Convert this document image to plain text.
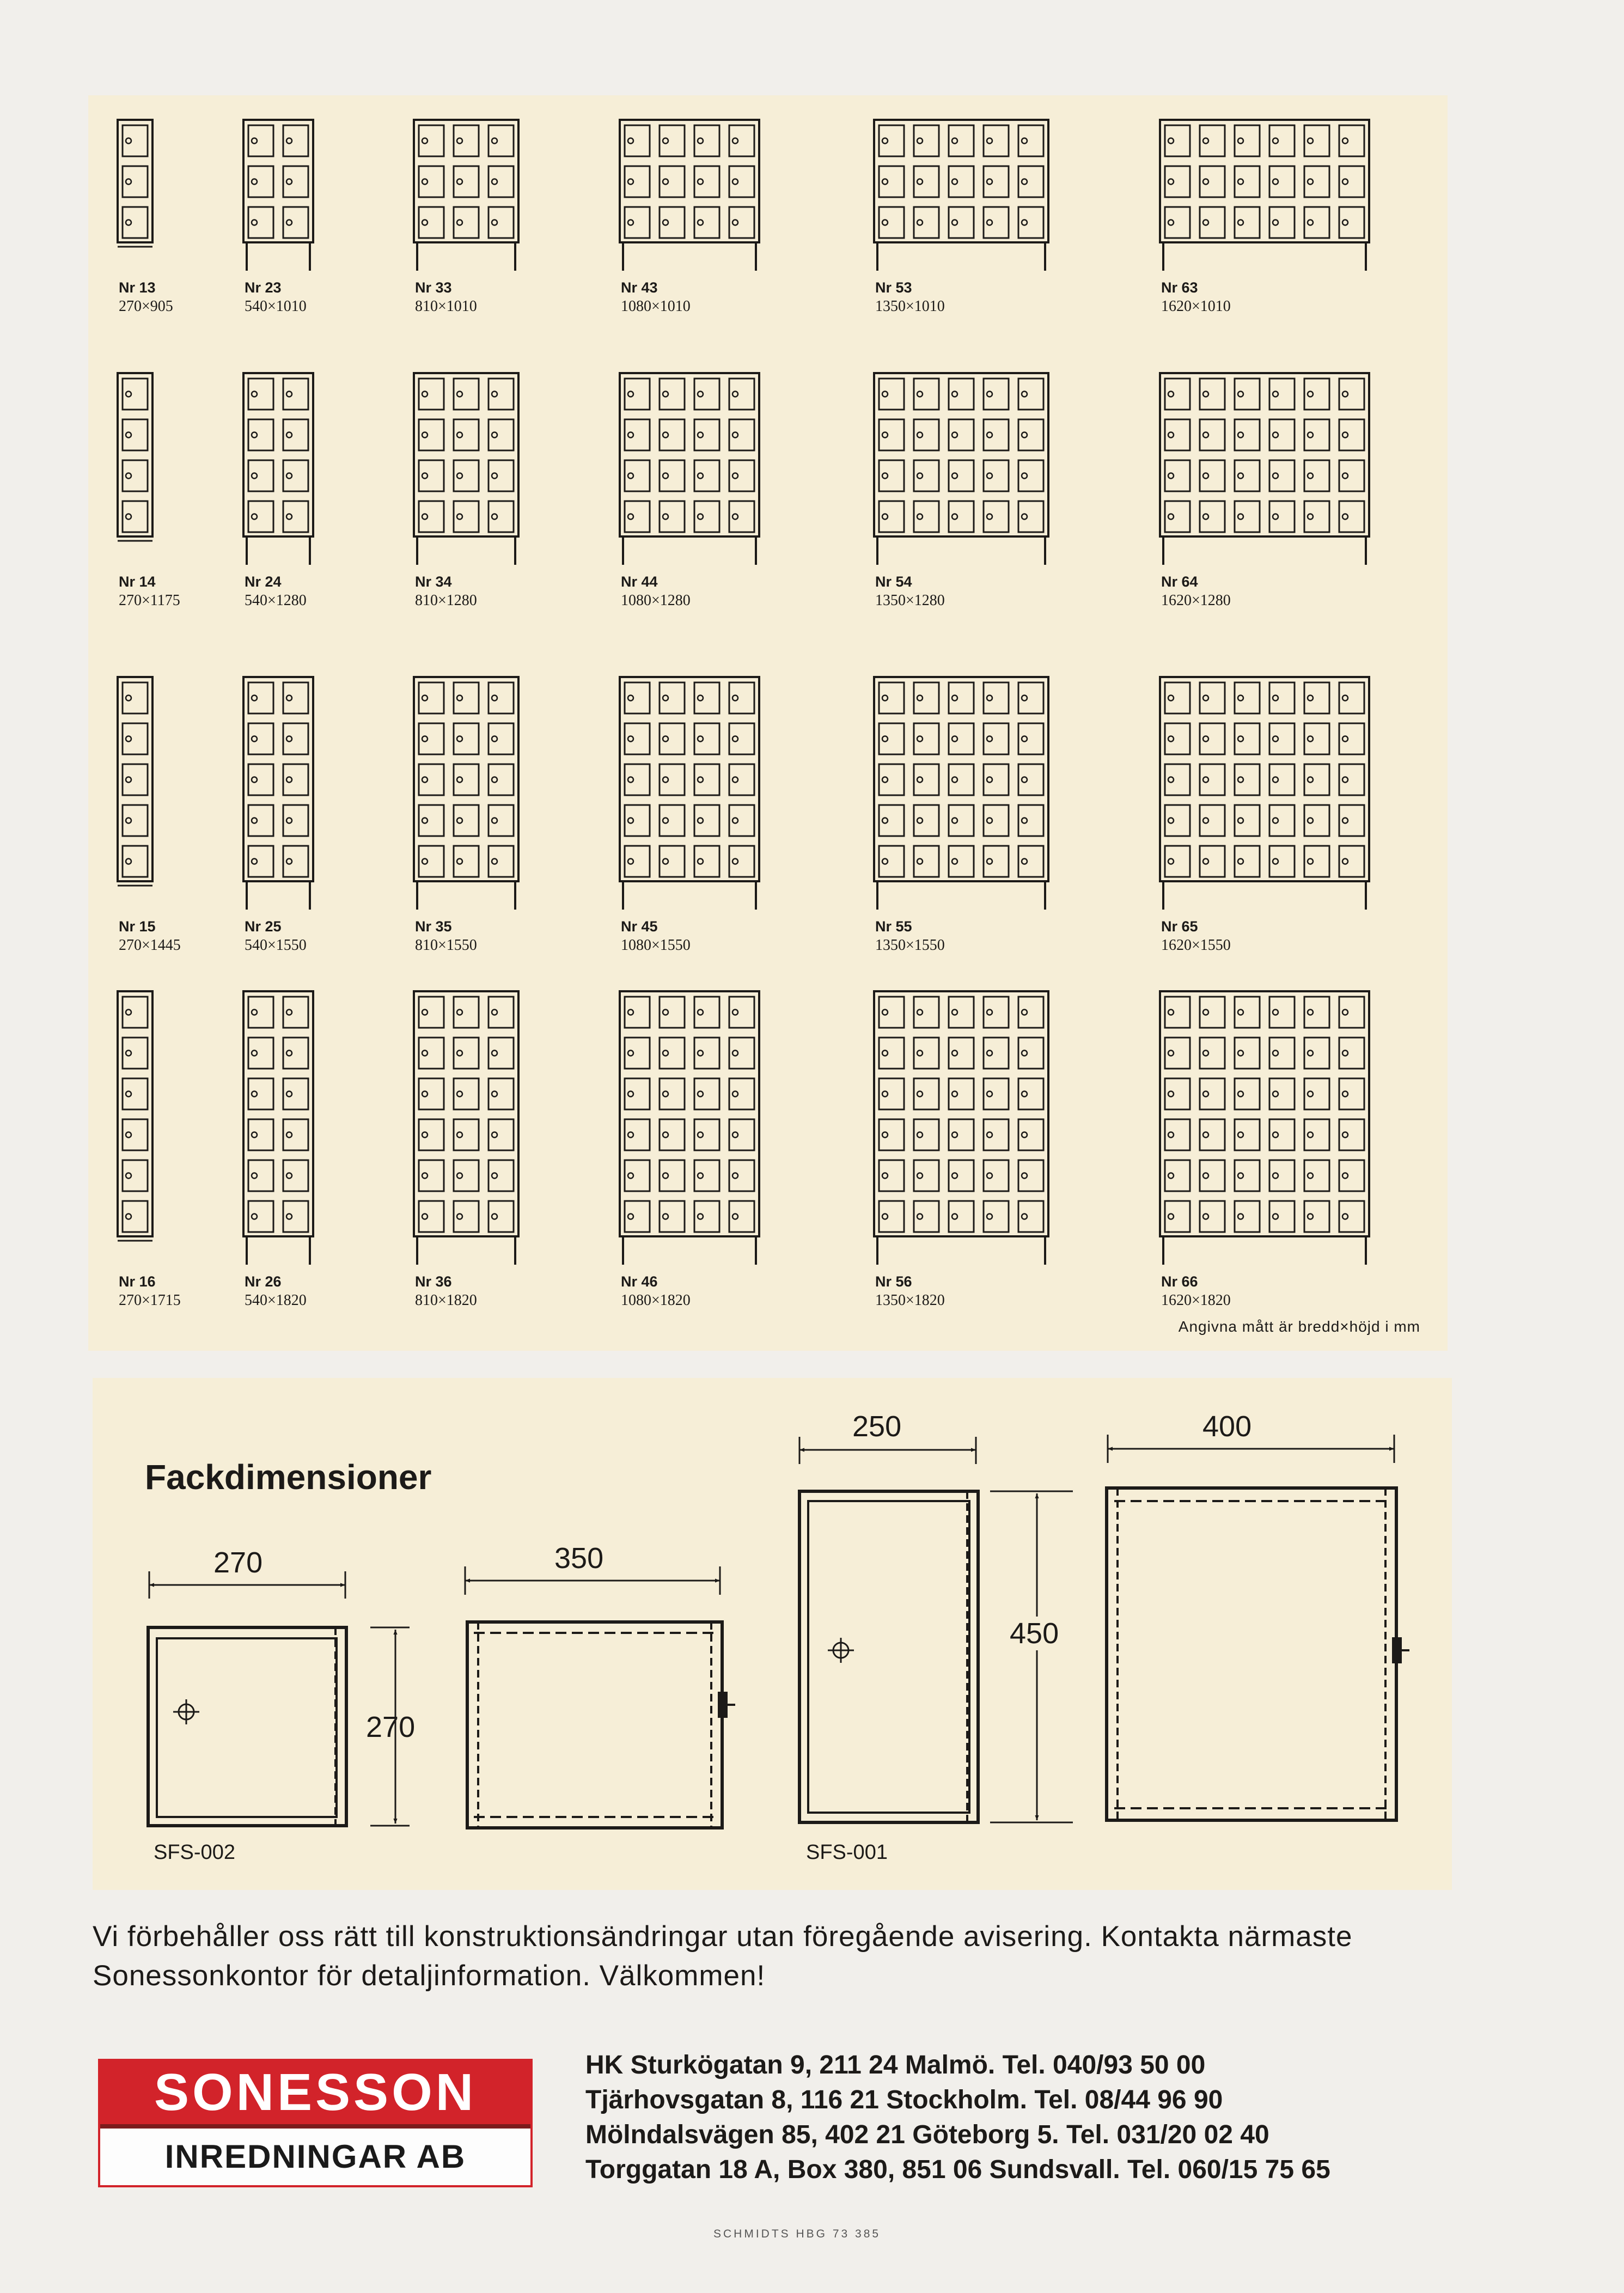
Nr 13
270×905
Nr 23
540×1010
Nr 33
810×1010
Nr 43
1080×1010
Nr 53
1350×1010
Nr 63
1620×1010
Nr 14
270×1175
Nr 24
540×1280
Nr 34
810×1280
Nr 44
1080×1280
Nr 54
1350×1280
Nr 64
1620×1280
Nr 15
270×1445
Nr 25
540×1550
Nr 35
810×1550
Nr 45
1080×1550
Nr 55
1350×1550
Nr 65
1620×1550
Nr 16
270×1715
Nr 26
540×1820
Nr 36
810×1820
Nr 46
1080×1820
Nr 56
1350×1820
Nr 66
1620×1820
Angivna mått är bredd×höjd i mm
Fackdimensioner
270	350
270
SFS-002
250	400
450
SFS-001

Vi förbehåller oss rätt till konstruktionsändringar utan föregående avisering. Kontakta närmaste Sonessonkontor för detaljinformation. Välkommen!

SONESSON
INREDNINGAR AB
HK Sturkögatan 9, 211 24 Malmö. Tel. 040/93 50 00
Tjärhovsgatan 8, 116 21 Stockholm. Tel. 08/44 96 90
Mölndalsvägen 85, 402 21 Göteborg 5. Tel. 031/20 02 40
Torggatan 18 A, Box 380, 851 06 Sundsvall. Tel. 060/15 75 65
SCHMIDTS HBG 73 385
